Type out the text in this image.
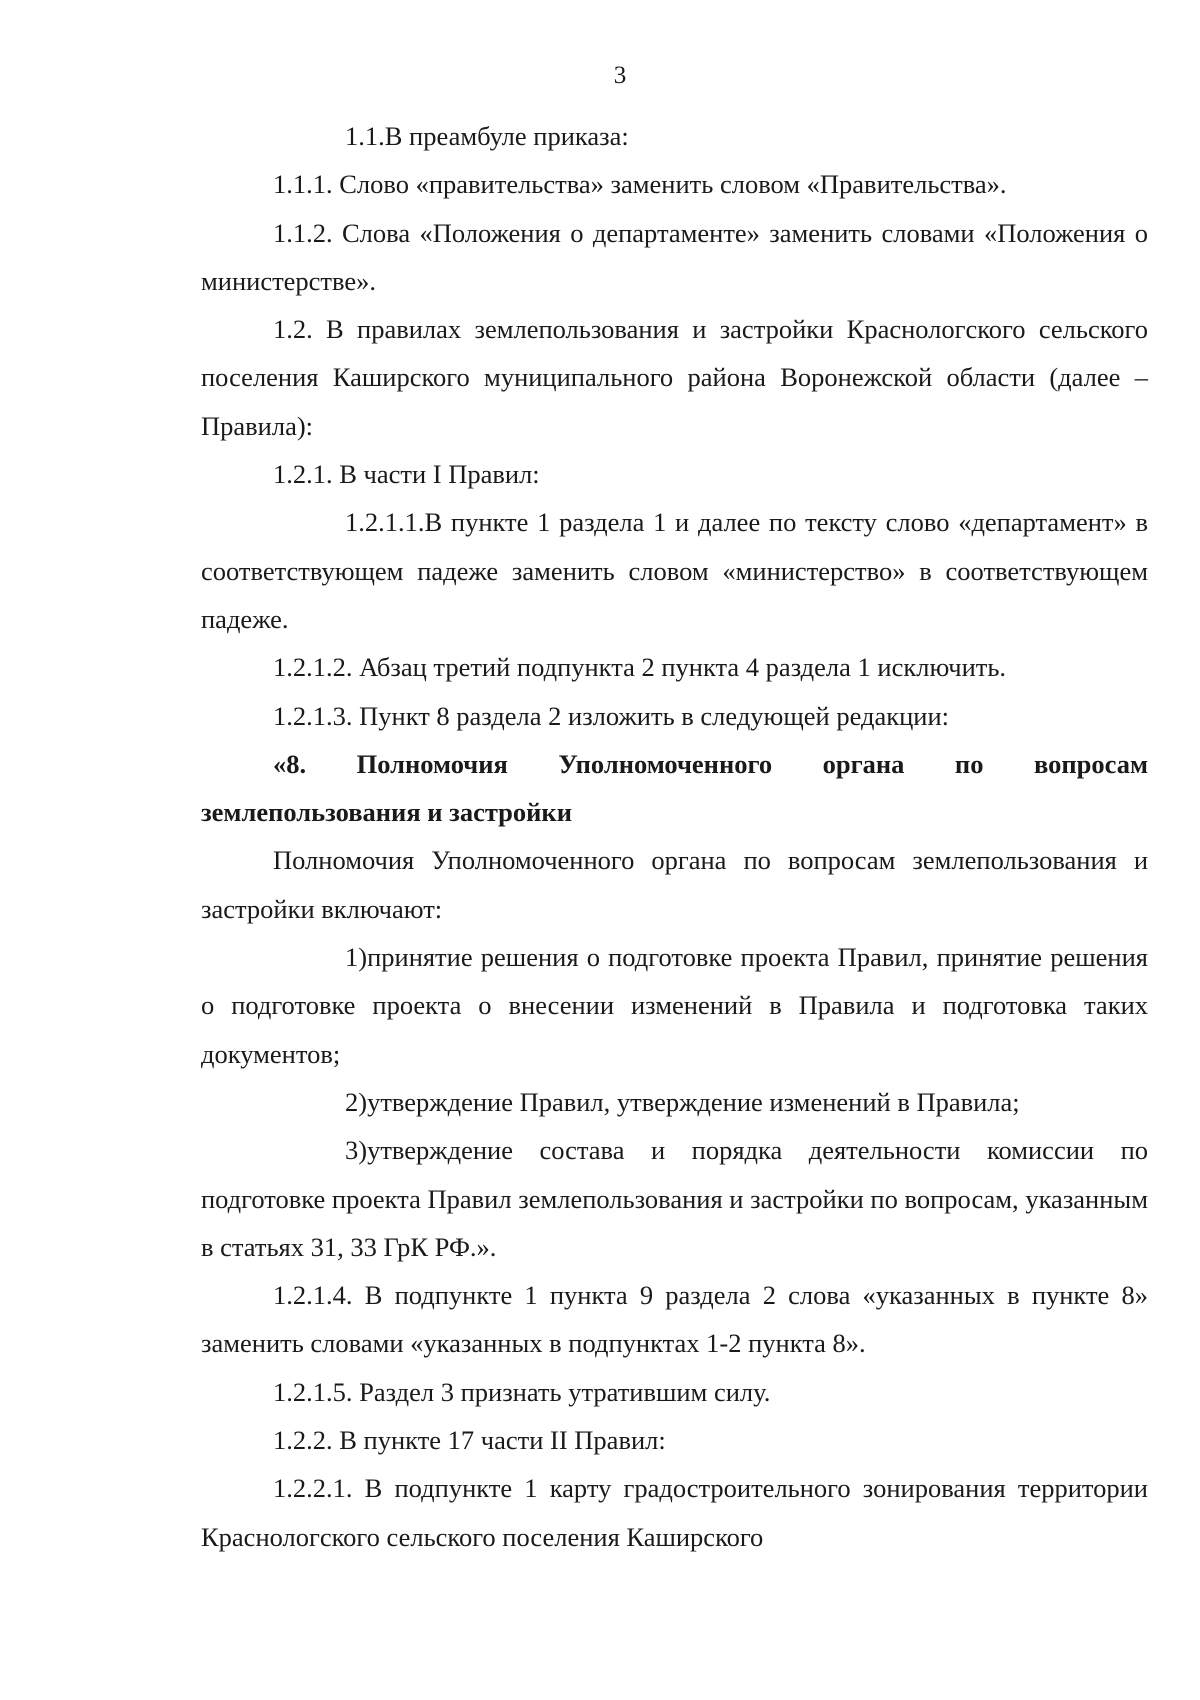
3

1.1.В преамбуле приказа:

1.1.1. Слово «правительства» заменить словом «Правительства».

1.1.2. Слова «Положения о департаменте» заменить словами «Положения о министерстве».

1.2. В правилах землепользования и застройки Краснологского сельского поселения Каширского муниципального района Воронежской области (далее – Правила):

1.2.1. В части I Правил:

1.2.1.1.В пункте 1 раздела 1 и далее по тексту слово «департамент» в соответствующем падеже заменить словом «министерство» в соответствующем падеже.

1.2.1.2. Абзац третий подпункта 2 пункта 4 раздела 1 исключить.

1.2.1.3. Пункт 8 раздела 2 изложить в следующей редакции:

«8. Полномочия Уполномоченного органа по вопросам землепользования и застройки

Полномочия Уполномоченного органа по вопросам землепользования и застройки включают:

1)принятие решения о подготовке проекта Правил, принятие решения о подготовке проекта о внесении изменений в Правила и подготовка таких документов;

2)утверждение Правил, утверждение изменений в Правила;

3)утверждение состава и порядка деятельности комиссии по подготовке проекта Правил землепользования и застройки по вопросам, указанным в статьях 31, 33 ГрК РФ.».

1.2.1.4. В подпункте 1 пункта 9 раздела 2 слова «указанных в пункте 8» заменить словами «указанных в подпунктах 1-2 пункта 8».

1.2.1.5. Раздел 3 признать утратившим силу.

1.2.2. В пункте 17 части II Правил:

1.2.2.1. В подпункте 1 карту градостроительного зонирования территории Краснологского сельского поселения Каширского
